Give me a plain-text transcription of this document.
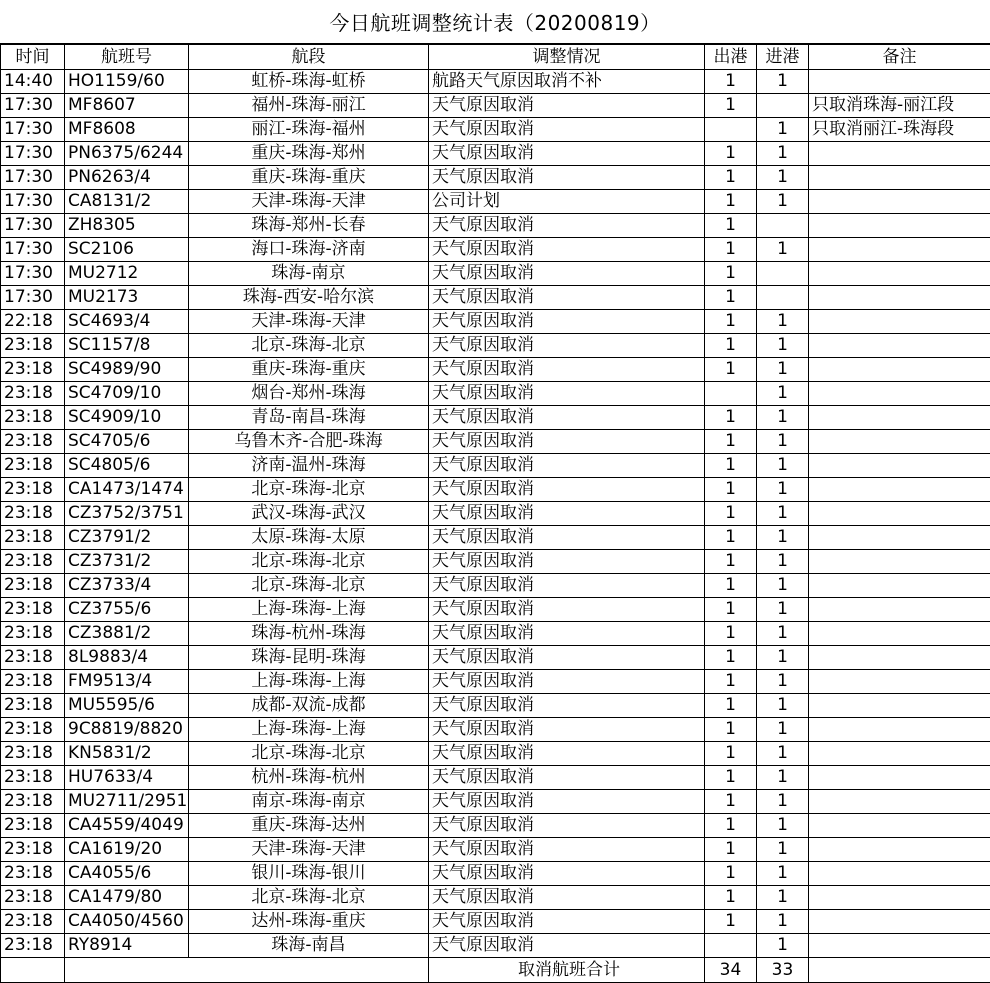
今日航班调整统计表（20200819）
时间	航班号	航段	调整情况	出港	进港	备注
14:40	HO1159/60	虹桥-珠海-虹桥	航路天气原因取消不补	1	1	
17:30	MF8607	福州-珠海-丽江	天气原因取消	1		只取消珠海-丽江段
17:30	MF8608	丽江-珠海-福州	天气原因取消		1	只取消丽江-珠海段
17:30	PN6375/6244	重庆-珠海-郑州	天气原因取消	1	1	
17:30	PN6263/4	重庆-珠海-重庆	天气原因取消	1	1	
17:30	CA8131/2	天津-珠海-天津	公司计划	1	1	
17:30	ZH8305	珠海-郑州-长春	天气原因取消	1		
17:30	SC2106	海口-珠海-济南	天气原因取消	1	1	
17:30	MU2712	珠海-南京	天气原因取消	1		
17:30	MU2173	珠海-西安-哈尔滨	天气原因取消	1		
22:18	SC4693/4	天津-珠海-天津	天气原因取消	1	1	
23:18	SC1157/8	北京-珠海-北京	天气原因取消	1	1	
23:18	SC4989/90	重庆-珠海-重庆	天气原因取消	1	1	
23:18	SC4709/10	烟台-郑州-珠海	天气原因取消		1	
23:18	SC4909/10	青岛-南昌-珠海	天气原因取消	1	1	
23:18	SC4705/6	乌鲁木齐-合肥-珠海	天气原因取消	1	1	
23:18	SC4805/6	济南-温州-珠海	天气原因取消	1	1	
23:18	CA1473/1474	北京-珠海-北京	天气原因取消	1	1	
23:18	CZ3752/3751	武汉-珠海-武汉	天气原因取消	1	1	
23:18	CZ3791/2	太原-珠海-太原	天气原因取消	1	1	
23:18	CZ3731/2	北京-珠海-北京	天气原因取消	1	1	
23:18	CZ3733/4	北京-珠海-北京	天气原因取消	1	1	
23:18	CZ3755/6	上海-珠海-上海	天气原因取消	1	1	
23:18	CZ3881/2	珠海-杭州-珠海	天气原因取消	1	1	
23:18	8L9883/4	珠海-昆明-珠海	天气原因取消	1	1	
23:18	FM9513/4	上海-珠海-上海	天气原因取消	1	1	
23:18	MU5595/6	成都-双流-成都	天气原因取消	1	1	
23:18	9C8819/8820	上海-珠海-上海	天气原因取消	1	1	
23:18	KN5831/2	北京-珠海-北京	天气原因取消	1	1	
23:18	HU7633/4	杭州-珠海-杭州	天气原因取消	1	1	
23:18	MU2711/2951	南京-珠海-南京	天气原因取消	1	1	
23:18	CA4559/4049	重庆-珠海-达州	天气原因取消	1	1	
23:18	CA1619/20	天津-珠海-天津	天气原因取消	1	1	
23:18	CA4055/6	银川-珠海-银川	天气原因取消	1	1	
23:18	CA1479/80	北京-珠海-北京	天气原因取消	1	1	
23:18	CA4050/4560	达州-珠海-重庆	天气原因取消	1	1	
23:18	RY8914	珠海-南昌	天气原因取消		1	
			取消航班合计	34	33	
